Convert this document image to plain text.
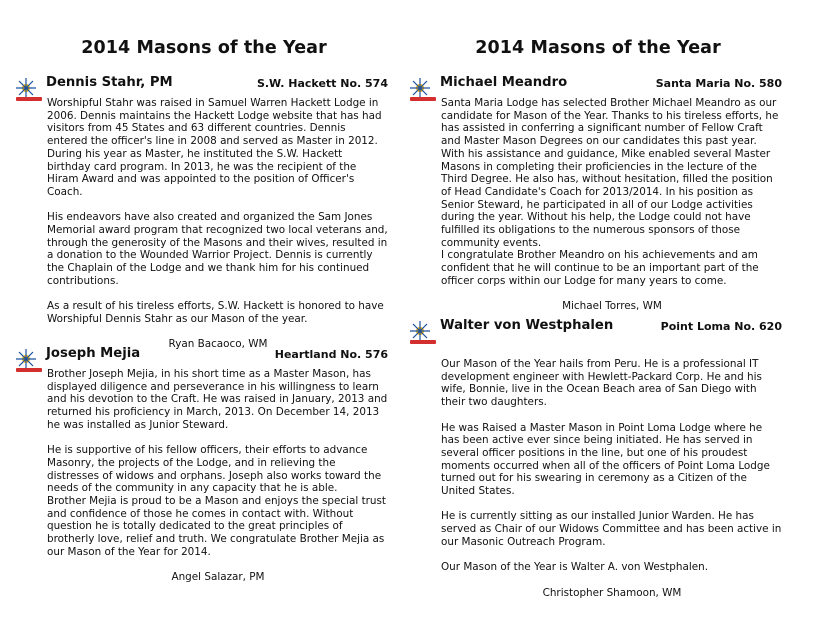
2014 Masons of the Year
Dennis Stahr, PM	S.W. Hackett No. 574

Worshipful Stahr was raised in Samuel Warren Hackett Lodge in 2006. Dennis maintains the Hackett Lodge website that has had visitors from 45 States and 63 different countries. Dennis entered the officer's line in 2008 and served as Master in 2012. During his year as Master, he instituted the S.W. Hackett birthday card program. In 2013, he was the recipient of the Hiram Award and was appointed to the position of Officer's Coach.

His endeavors have also created and organized the Sam Jones Memorial award program that recognized two local veterans and, through the generosity of the Masons and their wives, resulted in a donation to the Wounded Warrior Project. Dennis is currently the Chaplain of the Lodge and we thank him for his continued contributions.

As a result of his tireless efforts, S.W. Hackett is honored to have Worshipful Dennis Stahr as our Mason of the year.

Ryan Bacaoco, WM
Joseph Mejia	Heartland No. 576

Brother Joseph Mejia, in his short time as a Master Mason, has displayed diligence and perseverance in his willingness to learn and his devotion to the Craft. He was raised in January, 2013 and returned his proficiency in March, 2013. On December 14, 2013 he was installed as Junior Steward.

He is supportive of his fellow officers, their efforts to advance Masonry, the projects of the Lodge, and in relieving the distresses of widows and orphans. Joseph also works toward the needs of the community in any capacity that he is able.

Brother Mejia is proud to be a Mason and enjoys the special trust and confidence of those he comes in contact with. Without question he is totally dedicated to the great principles of brotherly love, relief and truth. We congratulate Brother Mejia as our Mason of the Year for 2014.

Angel Salazar, PM
2014 Masons of the Year
Michael Meandro	Santa Maria No. 580

Santa Maria Lodge has selected Brother Michael Meandro as our candidate for Mason of the Year. Thanks to his tireless efforts, he has assisted in conferring a significant number of Fellow Craft and Master Mason Degrees on our candidates this past year. With his assistance and guidance, Mike enabled several Master Masons in completing their proficiencies in the lecture of the Third Degree. He also has, without hesitation, filled the position of Head Candidate's Coach for 2013/2014. In his position as Senior Steward, he participated in all of our Lodge activities during the year. Without his help, the Lodge could not have fulfilled its obligations to the numerous sponsors of those community events.

I congratulate Brother Meandro on his achievements and am confident that he will continue to be an important part of the officer corps within our Lodge for many years to come.

Michael Torres, WM
Walter von Westphalen	Point Loma No. 620

Our Mason of the Year hails from Peru. He is a professional IT development engineer with Hewlett-Packard Corp. He and his wife, Bonnie, live in the Ocean Beach area of San Diego with their two daughters.

He was Raised a Master Mason in Point Loma Lodge where he has been active ever since being initiated. He has served in several officer positions in the line, but one of his proudest moments occurred when all of the officers of Point Loma Lodge turned out for his swearing in ceremony as a Citizen of the United States.

He is currently sitting as our installed Junior Warden. He has served as Chair of our Widows Committee and has been active in our Masonic Outreach Program.

Our Mason of the Year is Walter A. von Westphalen.

Christopher Shamoon, WM
